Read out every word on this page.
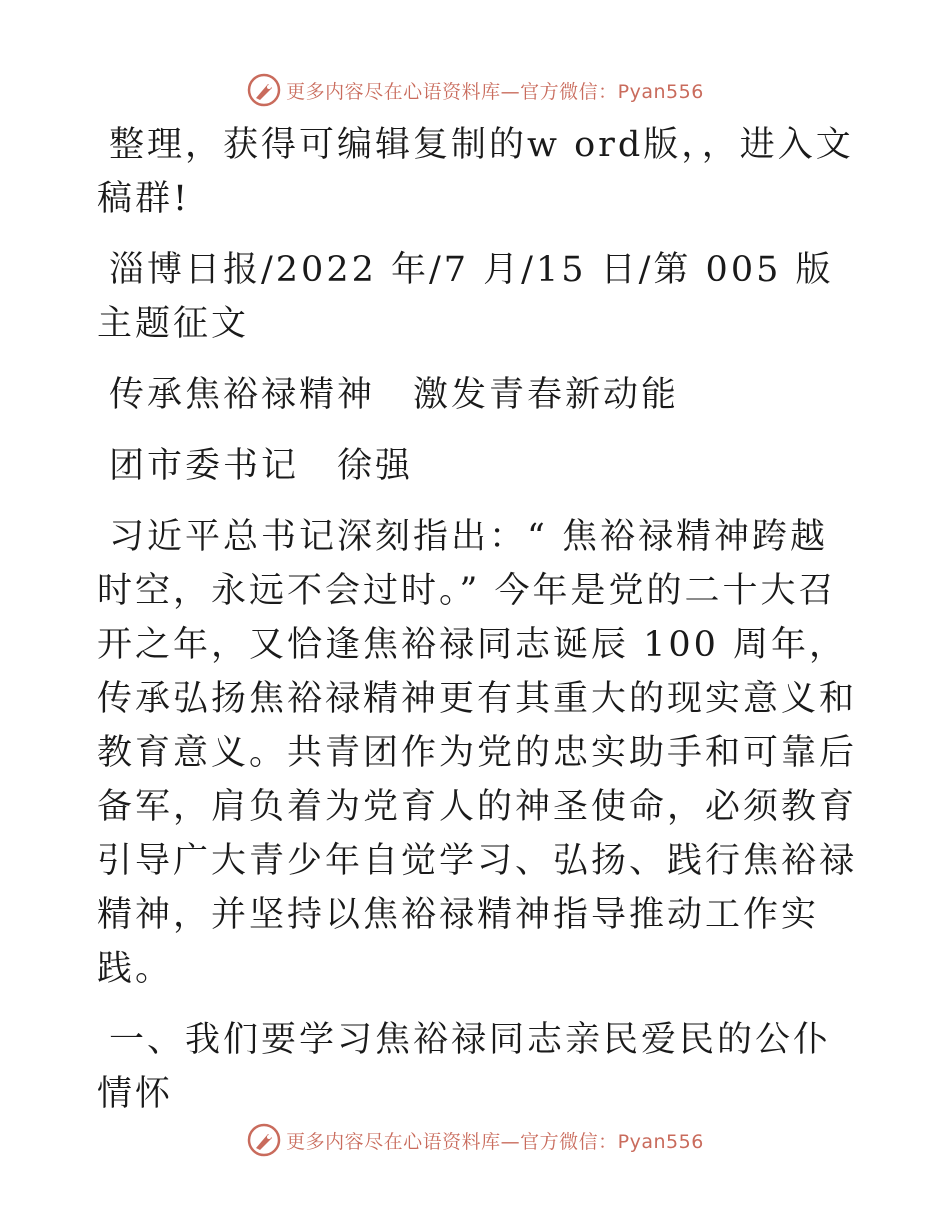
更多内容尽在心语资料库—官方微信：Pyan556

整理，获得可编辑复制的w ord版，，进入文稿群!

淄博日报/2022 年/7 月/15 日/第 005 版主题征文

传承焦裕禄精神　激发青春新动能

团市委书记　徐强

习近平总书记深刻指出：“ 焦裕禄精神跨越时空，永远不会过时。” 今年是党的二十大召开之年，又恰逢焦裕禄同志诞辰 100 周年，传承弘扬焦裕禄精神更有其重大的现实意义和教育意义。共青团作为党的忠实助手和可靠后备军，肩负着为党育人的神圣使命，必须教育引导广大青少年自觉学习、弘扬、践行焦裕禄精神，并坚持以焦裕禄精神指导推动工作实践。

一、我们要学习焦裕禄同志亲民爱民的公仆情怀

更多内容尽在心语资料库—官方微信：Pyan556
